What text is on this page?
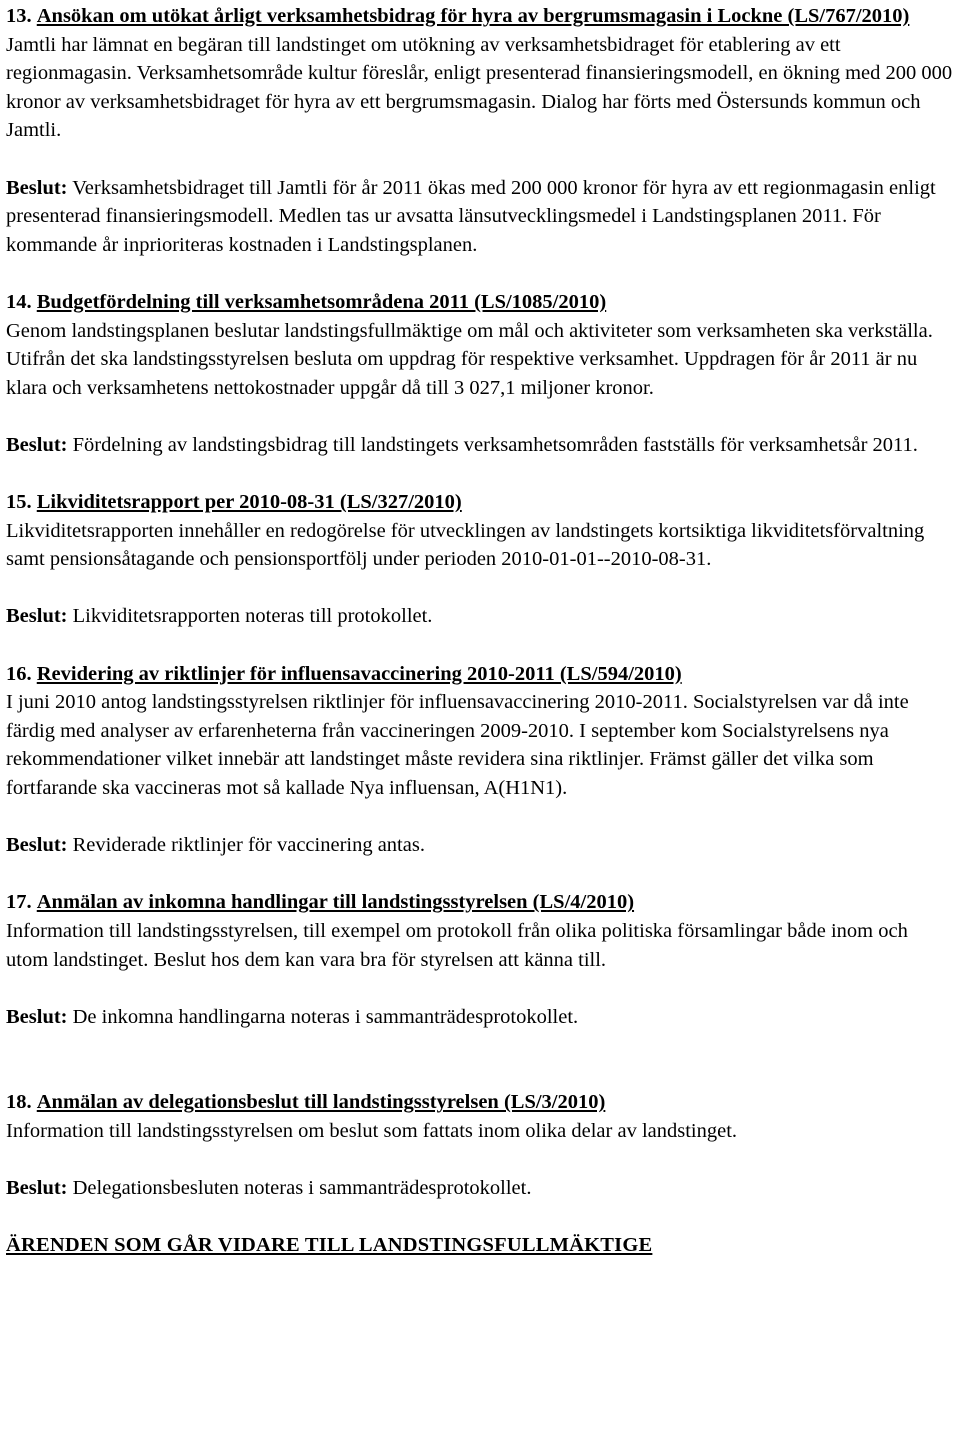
13. Ansökan om utökat årligt verksamhetsbidrag för hyra av bergrumsmagasin i Lockne (LS/767/2010)

Jamtli har lämnat en begäran till landstinget om utökning av verksamhetsbidraget för etablering av ett regionmagasin. Verksamhetsområde kultur föreslår, enligt presenterad finansieringsmodell, en ökning med 200 000 kronor av verksamhetsbidraget för hyra av ett bergrumsmagasin. Dialog har förts med Östersunds kommun och Jamtli.

Beslut: Verksamhetsbidraget till Jamtli för år 2011 ökas med 200 000 kronor för hyra av ett regionmagasin enligt presenterad finansieringsmodell. Medlen tas ur avsatta länsutvecklingsmedel i Landstingsplanen 2011. För kommande år inprioriteras kostnaden i Landstingsplanen.

14. Budgetfördelning till verksamhetsområdena 2011 (LS/1085/2010)

Genom landstingsplanen beslutar landstingsfullmäktige om mål och aktiviteter som verksamheten ska verkställa. Utifrån det ska landstingsstyrelsen besluta om uppdrag för respektive verksamhet. Uppdragen för år 2011 är nu klara och verksamhetens nettokostnader uppgår då till 3 027,1 miljoner kronor.

Beslut: Fördelning av landstingsbidrag till landstingets verksamhetsområden fastställs för verksamhetsår 2011.

15. Likviditetsrapport per 2010-08-31 (LS/327/2010)

Likviditetsrapporten innehåller en redogörelse för utvecklingen av landstingets kortsiktiga likviditetsförvaltning samt pensionsåtagande och pensionsportfölj under perioden 2010-01-01--2010-08-31.

Beslut: Likviditetsrapporten noteras till protokollet.

16. Revidering av riktlinjer för influensavaccinering 2010-2011 (LS/594/2010)

I juni 2010 antog landstingsstyrelsen riktlinjer för influensavaccinering 2010-2011. Socialstyrelsen var då inte färdig med analyser av erfarenheterna från vaccineringen 2009-2010. I september kom Socialstyrelsens nya rekommendationer vilket innebär att landstinget måste revidera sina riktlinjer. Främst gäller det vilka som fortfarande ska vaccineras mot så kallade Nya influensan, A(H1N1).

Beslut: Reviderade riktlinjer för vaccinering antas.

17. Anmälan av inkomna handlingar till landstingsstyrelsen (LS/4/2010)

Information till landstingsstyrelsen, till exempel om protokoll från olika politiska församlingar både inom och utom landstinget. Beslut hos dem kan vara bra för styrelsen att känna till.

Beslut: De inkomna handlingarna noteras i sammanträdesprotokollet.

18. Anmälan av delegationsbeslut till landstingsstyrelsen (LS/3/2010)

Information till landstingsstyrelsen om beslut som fattats inom olika delar av landstinget.

Beslut: Delegationsbesluten noteras i sammanträdesprotokollet.

ÄRENDEN SOM GÅR VIDARE TILL LANDSTINGSFULLMÄKTIGE
